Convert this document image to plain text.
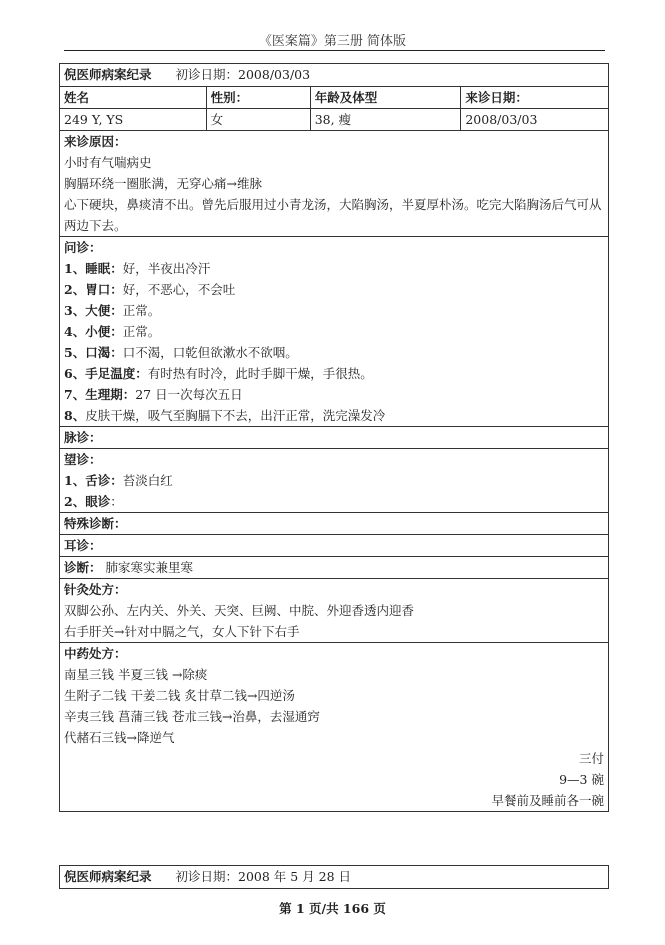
《医案篇》第三册 简体版
倪医师病案纪录 初诊日期：2008/03/03
姓名	性别：	年龄及体型	来诊日期：
249 Y, YS	女	38, 瘦	2008/03/03
来诊原因：
小时有气喘病史
胸膈环绕一圈胀满，无穿心痛→维脉
心下硬块，鼻痰清不出。曾先后服用过小青龙汤，大陷胸汤，半夏厚朴汤。吃完大陷胸汤后气可从两边下去。
问诊：
1、睡眠：好，半夜出冷汗
2、胃口：好，不恶心，不会吐
3、大便：正常。
4、小便：正常。
5、口渴：口不渴，口乾但欲漱水不欲咽。
6、手足温度：有时热有时冷，此时手脚干燥，手很热。
7、生理期：27 日一次每次五日
8、皮肤干燥，吸气至胸膈下不去，出汗正常，洗完澡发冷
脉诊：
望诊：
1、舌诊：苔淡白红
2、眼诊：
特殊诊断：
耳诊：
诊断： 肺家寒实兼里寒
针灸处方：
双脚公孙、左内关、外关、天突、巨阙、中脘、外迎香透内迎香
右手肝关→针对中膈之气，女人下针下右手
中药处方：
南星三钱 半夏三钱 →除痰
生附子二钱 干姜二钱 炙甘草二钱→四逆汤
辛夷三钱 菖蒲三钱 苍朮三钱→治鼻，去湿通窍
代赭石三钱→降逆气
三付
9—3 碗
早餐前及睡前各一碗
倪医师病案纪录 初诊日期：2008 年 5 月 28 日
第 1 页/共 166 页
